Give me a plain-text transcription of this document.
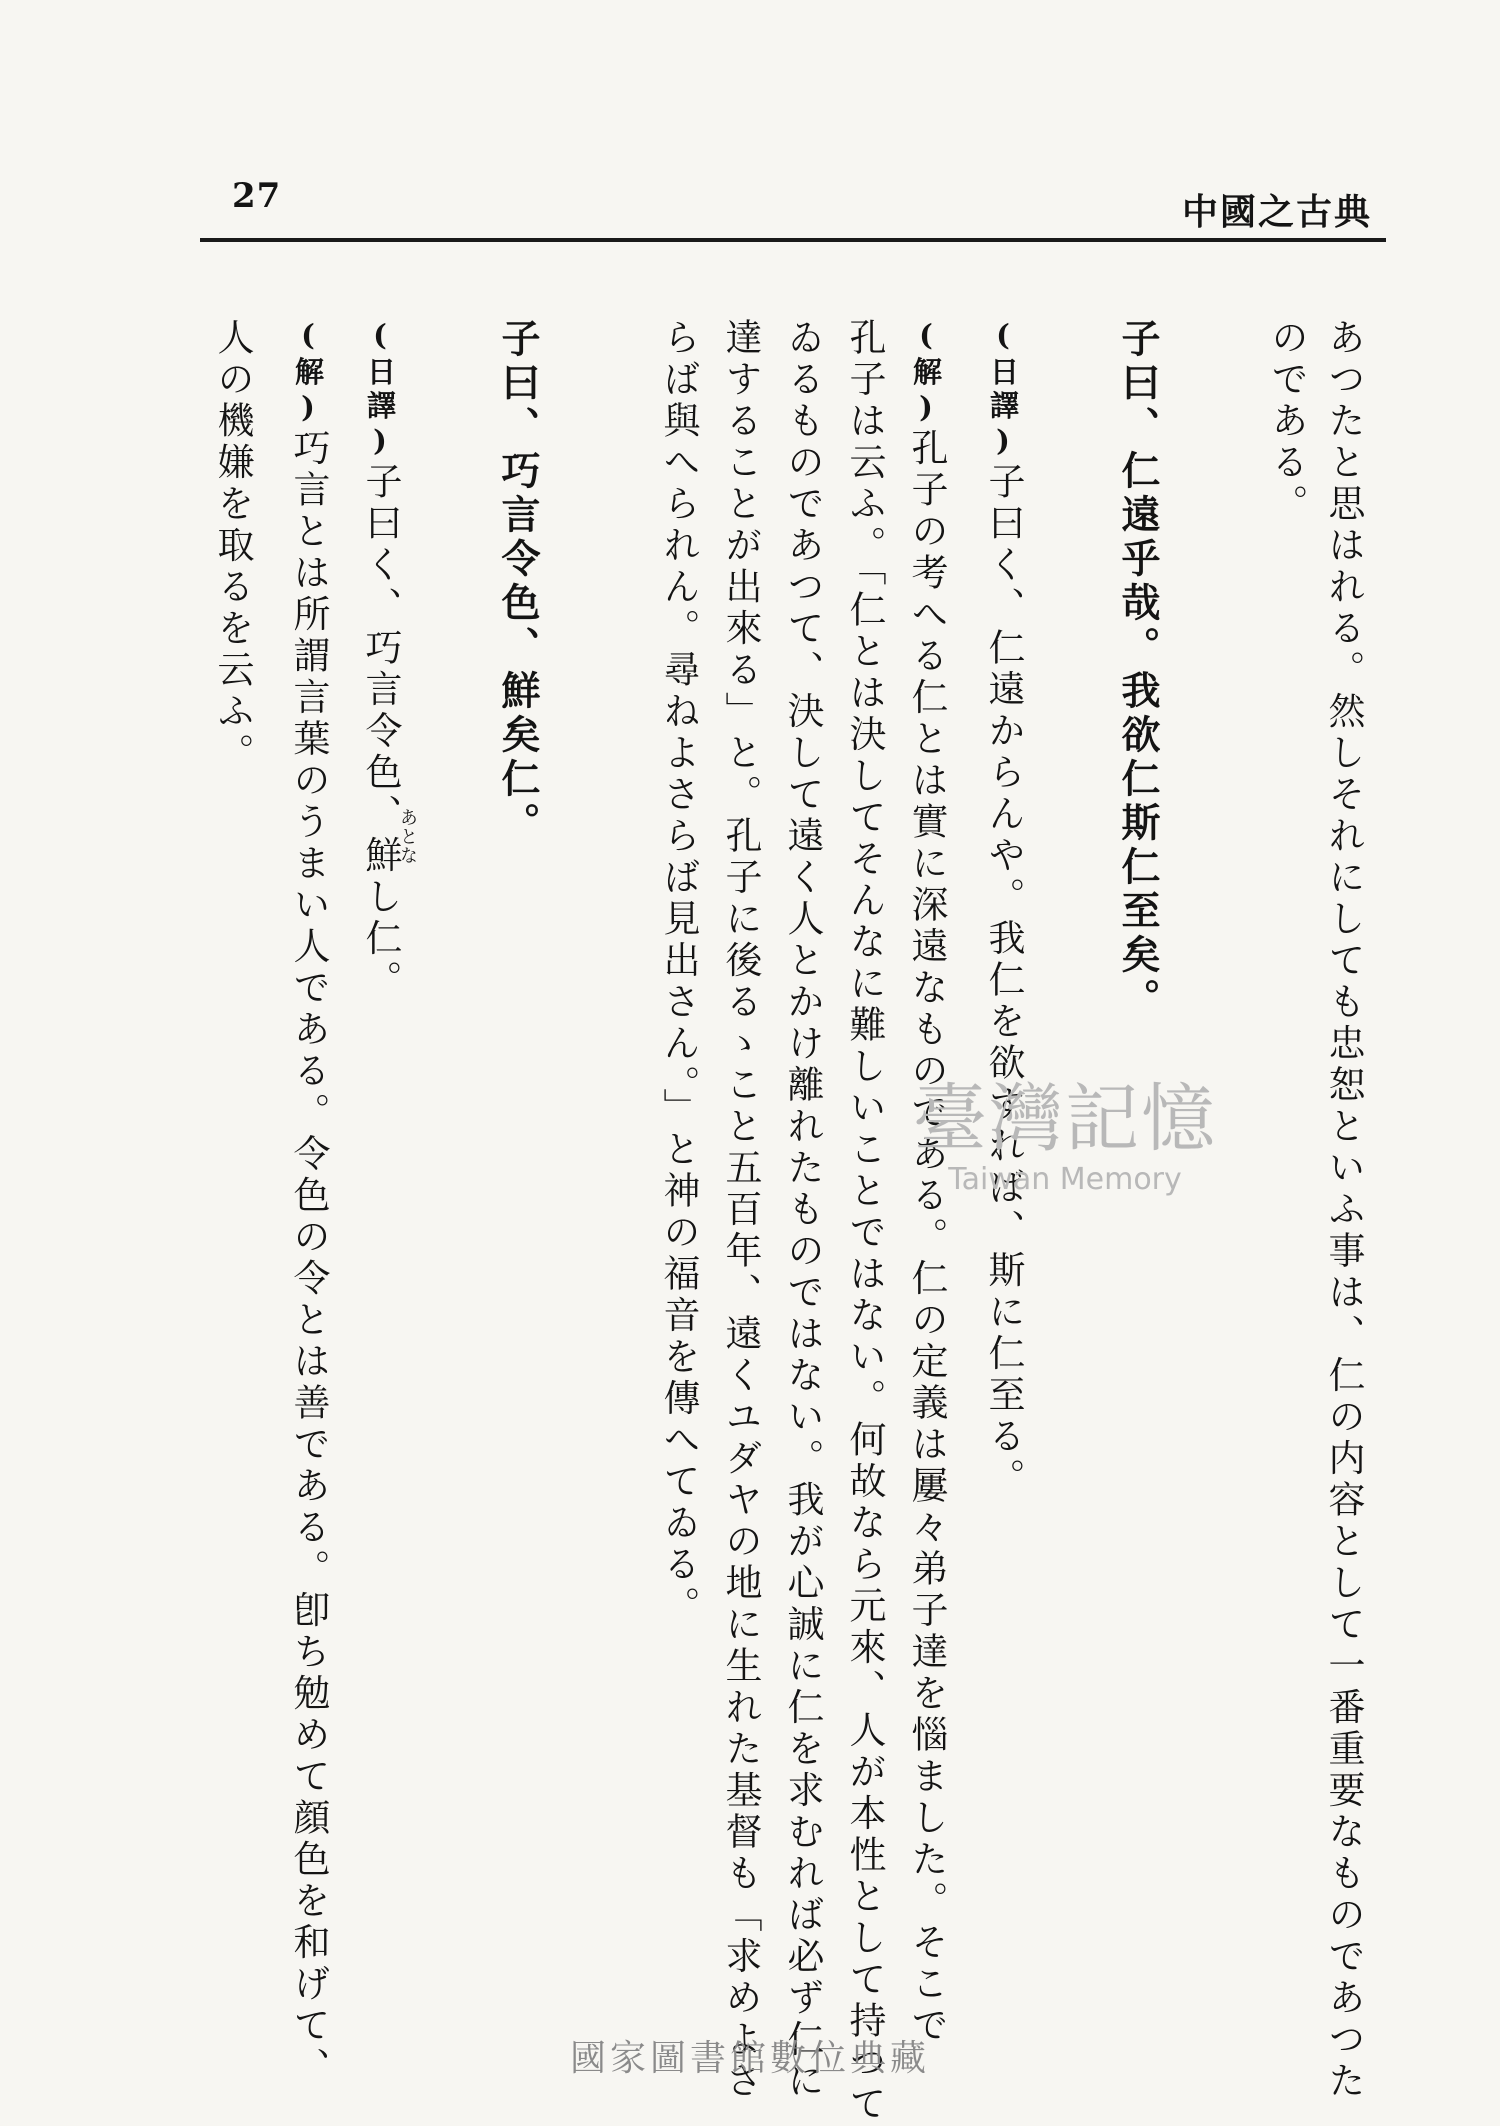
27	中國之古典
あつたと思はれる。然しそれにしても忠恕といふ事は、仁の内容として一番重要なものであつた
のである。
子曰、仁遠乎哉。我欲仁斯仁至矣。
(日譯)子曰く、仁遠からんや。我仁を欲すれば、斯に仁至る。
(解)孔子の考へる仁とは實に深遠なものである。仁の定義は屢々弟子達を惱ました。そこで
孔子は云ふ。「仁とは決してそんなに難しいことではない。何故なら元來、人が本性として持つて
ゐるものであつて、決して遠く人とかけ離れたものではない。我が心誠に仁を求むれば必ず仁に
達することが出來る」と。孔子に後るゝこと五百年、遠くユダヤの地に生れた基督も「求めよさ
らば與へられん。尋ねよさらば見出さん。」と神の福音を傳へてゐる。
子曰、巧言令色、鮮矣仁。
(日譯)子曰く、巧言令色、鮮し仁。
(解)巧言とは所謂言葉のうまい人である。令色の令とは善である。卽ち勉めて顔色を和げて、
人の機嫌を取るを云ふ。
あとな
臺灣記憶
Taiwan Memory
國家圖書館數位典藏
